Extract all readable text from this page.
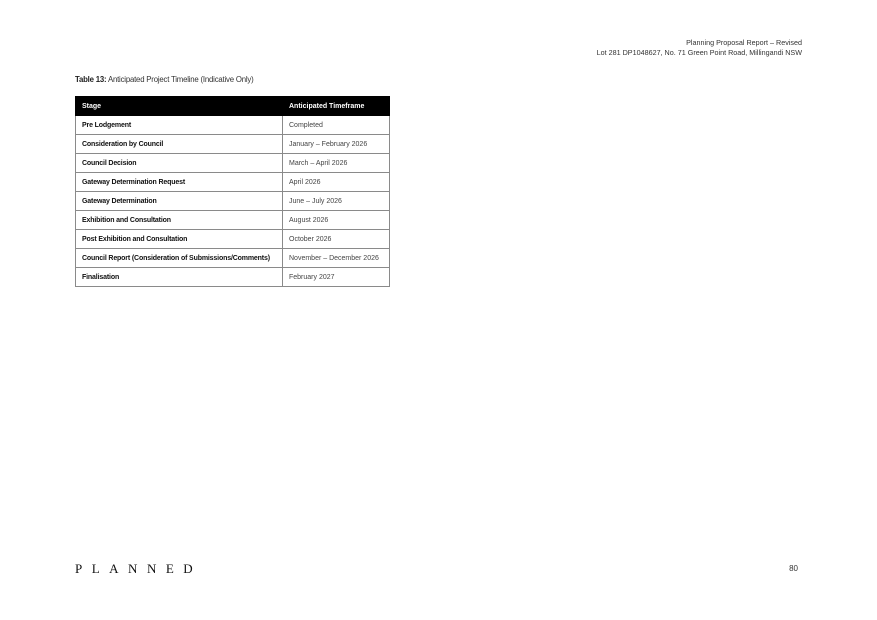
Planning Proposal Report – Revised
Lot 281 DP1048627, No. 71 Green Point Road, Millingandi NSW
Table 13: Anticipated Project Timeline (Indicative Only)
Stage	Anticipated Timeframe
Pre Lodgement	Completed
Consideration by Council	January – February 2026
Council Decision	March – April 2026
Gateway Determination Request	April 2026
Gateway Determination	June – July 2026
Exhibition and Consultation	August 2026
Post Exhibition and Consultation	October 2026
Council Report (Consideration of Submissions/Comments)	November – December 2026
Finalisation	February 2027
PLANNED	80
